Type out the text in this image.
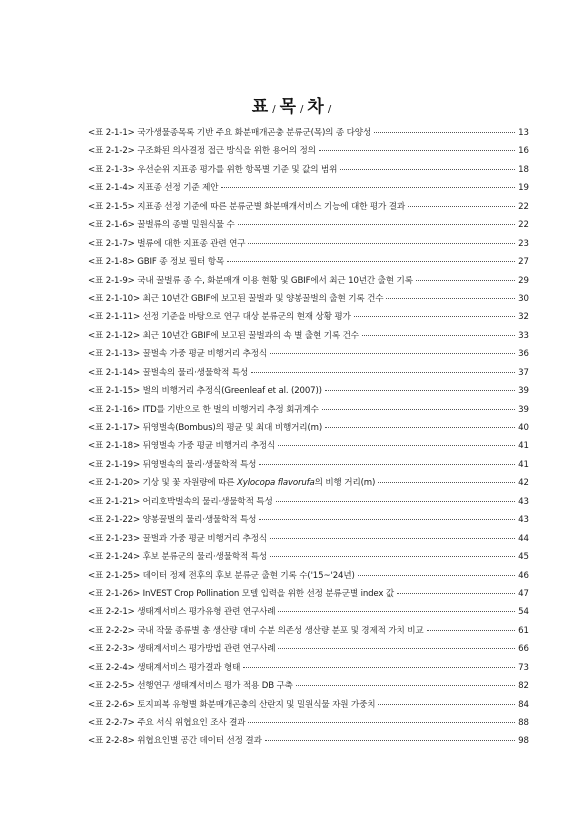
표 / 목 / 차 /
<표 2-1-1> 국가생물종목록 기반 주요 화분매개곤충 분류군(목)의 종 다양성	13
<표 2-1-2> 구조화된 의사결정 접근 방식을 위한 용어의 정의	16
<표 2-1-3> 우선순위 지표종 평가를 위한 항목별 기준 및 값의 범위	18
<표 2-1-4> 지표종 선정 기준 제안	19
<표 2-1-5> 지표종 선정 기준에 따른 분류군별 화분매개서비스 기능에 대한 평가 결과	22
<표 2-1-6> 꿀벌류의 종별 밀원식물 수	22
<표 2-1-7> 벌류에 대한 지표종 관련 연구	23
<표 2-1-8> GBIF 종 정보 필터 항목	27
<표 2-1-9> 국내 꿀벌류 종 수, 화분매개 이용 현황 및 GBIF에서 최근 10년간 출현 기록	29
<표 2-1-10> 최근 10년간 GBIF에 보고된 꿀벌과 및 양봉꿀벌의 출현 기록 건수	30
<표 2-1-11> 선정 기준을 바탕으로 연구 대상 분류군의 현재 상황 평가	32
<표 2-1-12> 최근 10년간 GBIF에 보고된 꿀벌과의 속 별 출현 기록 건수	33
<표 2-1-13> 꿀벌속 가중 평균 비행거리 추정식	36
<표 2-1-14> 꿀벌속의 물리·생물학적 특성	37
<표 2-1-15> 벌의 비행거리 추정식(Greenleaf et al. (2007))	39
<표 2-1-16> ITD를 기반으로 한 벌의 비행거리 추정 회귀계수	39
<표 2-1-17> 뒤영벌속(Bombus)의 평균 및 최대 비행거리(m)	40
<표 2-1-18> 뒤영벌속 가중 평균 비행거리 추정식	41
<표 2-1-19> 뒤영벌속의 물리·생물학적 특성	41
<표 2-1-20> 기상 및 꽃 자원량에 따른 Xylocopa flavorufa의 비행 거리(m)	42
<표 2-1-21> 어리호박벌속의 물리·생물학적 특성	43
<표 2-1-22> 양봉꿀벌의 물리·생물학적 특성	43
<표 2-1-23> 꿀벌과 가중 평균 비행거리 추정식	44
<표 2-1-24> 후보 분류군의 물리·생물학적 특성	45
<표 2-1-25> 데이터 정제 전후의 후보 분류군 출현 기록 수('15~'24년)	46
<표 2-1-26> InVEST Crop Pollination 모델 입력을 위한 선정 분류군별 index 값	47
<표 2-2-1> 생태계서비스 평가유형 관련 연구사례	54
<표 2-2-2> 국내 작물 종류별 총 생산량 대비 수분 의존성 생산량 분포 및 경제적 가치 비교	61
<표 2-2-3> 생태계서비스 평가방법 관련 연구사례	66
<표 2-2-4> 생태계서비스 평가결과 형태	73
<표 2-2-5> 선행연구 생태계서비스 평가 적용 DB 구축	82
<표 2-2-6> 토지피복 유형별 화분매개곤충의 산란지 및 밀원식물 자원 가중치	84
<표 2-2-7> 주요 서식 위협요인 조사 결과	88
<표 2-2-8> 위협요인별 공간 데이터 선정 결과	98
